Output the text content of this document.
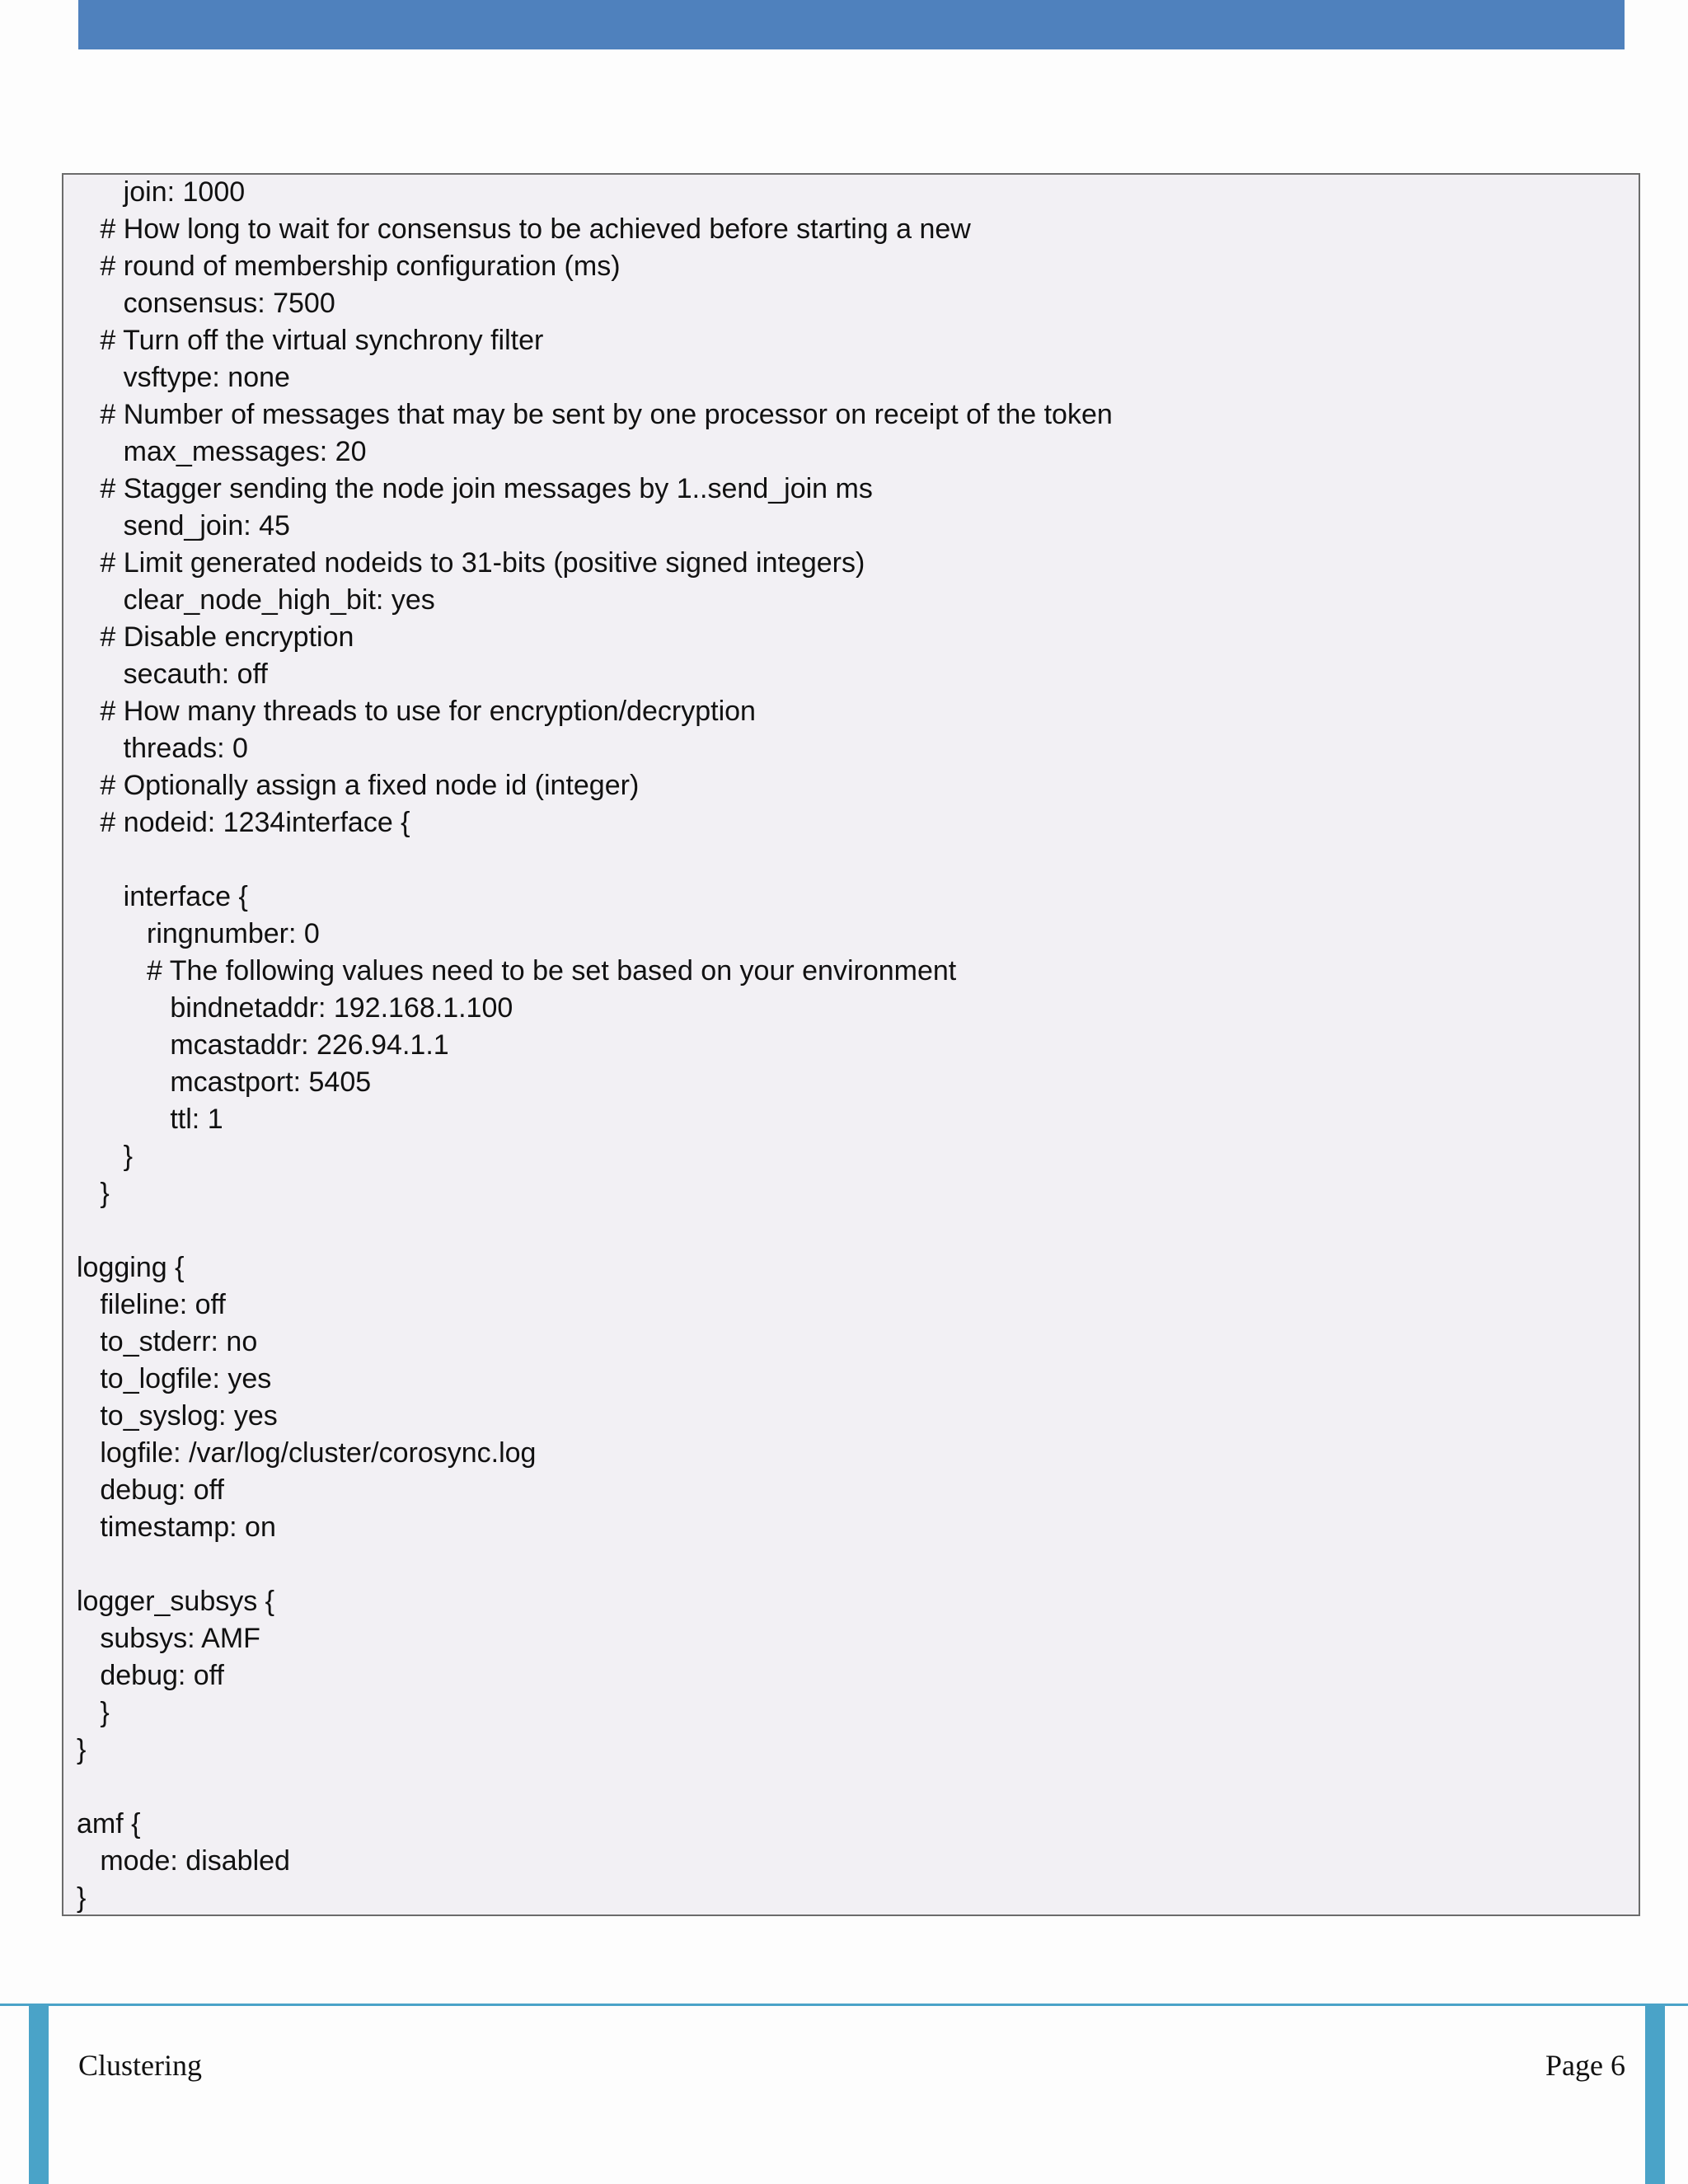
join: 1000
# How long to wait for consensus to be achieved before starting a new
# round of membership configuration (ms)
consensus: 7500
# Turn off the virtual synchrony filter
vsftype: none
# Number of messages that may be sent by one processor on receipt of the token
max_messages: 20
# Stagger sending the node join messages by 1..send_join ms
send_join: 45
# Limit generated nodeids to 31-bits (positive signed integers)
clear_node_high_bit: yes
# Disable encryption
secauth: off
# How many threads to use for encryption/decryption
threads: 0
# Optionally assign a fixed node id (integer)
# nodeid: 1234interface {
interface {
ringnumber: 0
# The following values need to be set based on your environment
bindnetaddr: 192.168.1.100
mcastaddr: 226.94.1.1
mcastport: 5405
ttl: 1
}
}
logging {
fileline: off
to_stderr: no
to_logfile: yes
to_syslog: yes
logfile: /var/log/cluster/corosync.log
debug: off
timestamp: on
logger_subsys {
subsys: AMF
debug: off
}
}
amf {
mode: disabled
}
Clustering	Page 6
